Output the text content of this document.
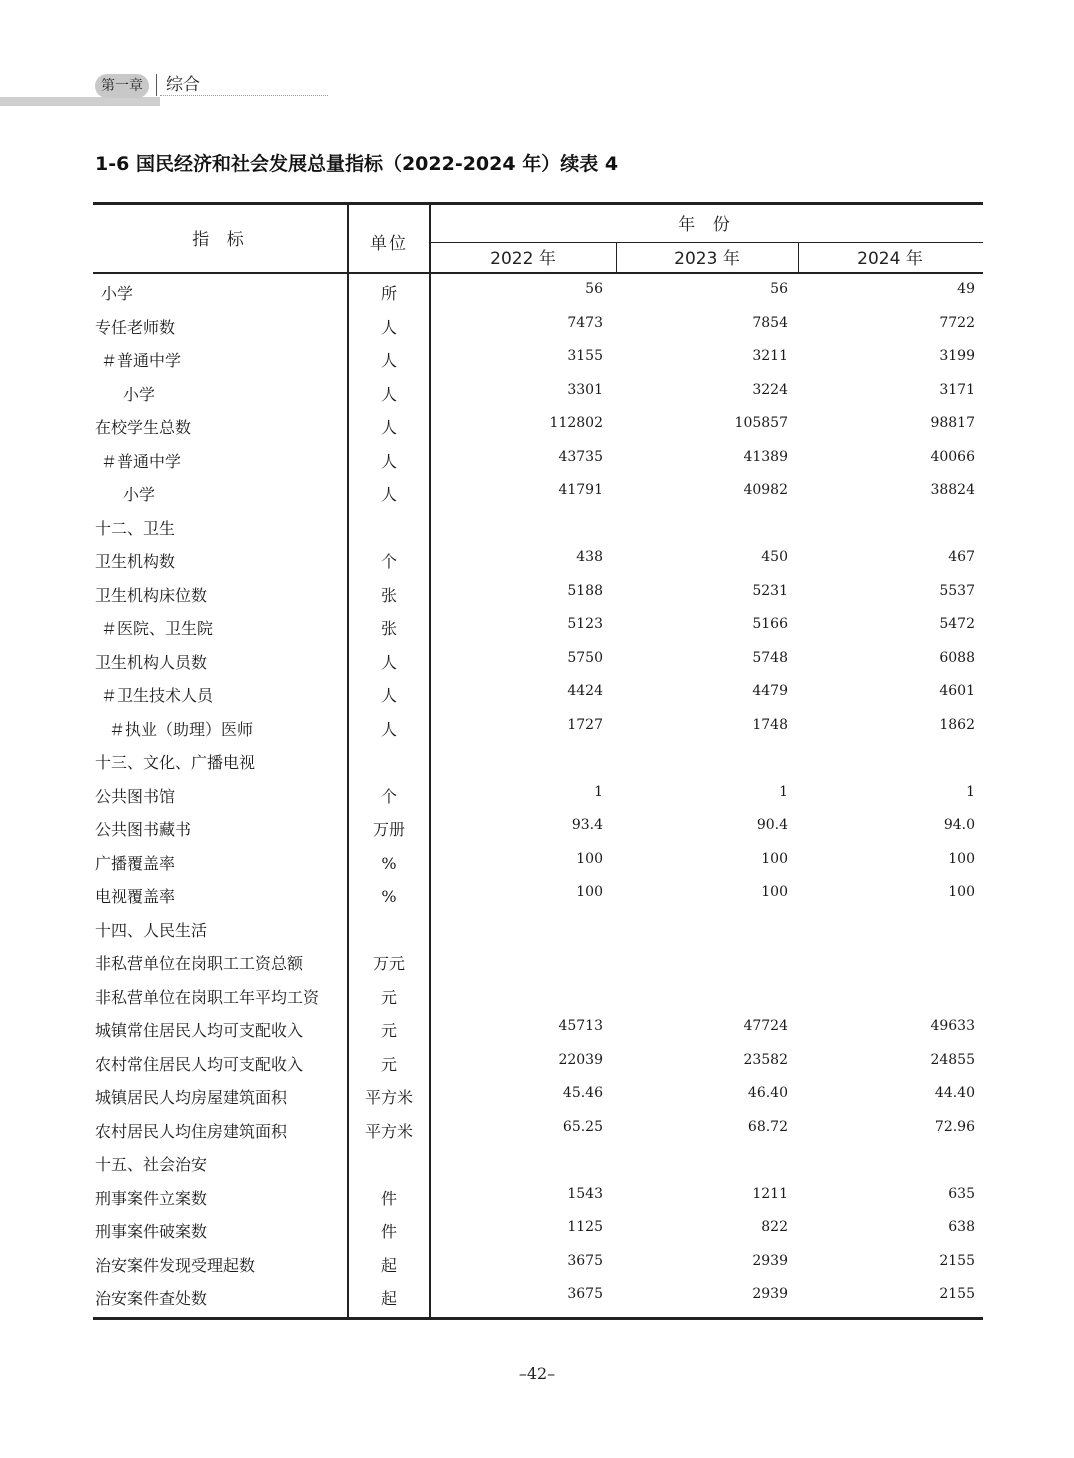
第一章	综合
1-6 国民经济和社会发展总量指标（2022-2024 年）续表 4
指 标	单位
年 份
2022 年	2023 年	2024 年
小学	所	56	56	49
专任老师数	人	7473	7854	7722
＃普通中学	人	3155	3211	3199
小学	人	3301	3224	3171
在校学生总数	人	112802	105857	98817
＃普通中学	人	43735	41389	40066
小学	人	41791	40982	38824
十二、卫生
卫生机构数	个	438	450	467
卫生机构床位数	张	5188	5231	5537
＃医院、卫生院	张	5123	5166	5472
卫生机构人员数	人	5750	5748	6088
＃卫生技术人员	人	4424	4479	4601
＃执业（助理）医师	人	1727	1748	1862
十三、文化、广播电视
公共图书馆	个	1	1	1
公共图书藏书	万册	93.4	90.4	94.0
广播覆盖率	%	100	100	100
电视覆盖率	%	100	100	100
十四、人民生活
非私营单位在岗职工工资总额	万元
非私营单位在岗职工年平均工资	元
城镇常住居民人均可支配收入	元	45713	47724	49633
农村常住居民人均可支配收入	元	22039	23582	24855
城镇居民人均房屋建筑面积	平方米	45.46	46.40	44.40
农村居民人均住房建筑面积	平方米	65.25	68.72	72.96
十五、社会治安
刑事案件立案数	件	1543	1211	635
刑事案件破案数	件	1125	822	638
治安案件发现受理起数	起	3675	2939	2155
治安案件查处数	起	3675	2939	2155
–42–
